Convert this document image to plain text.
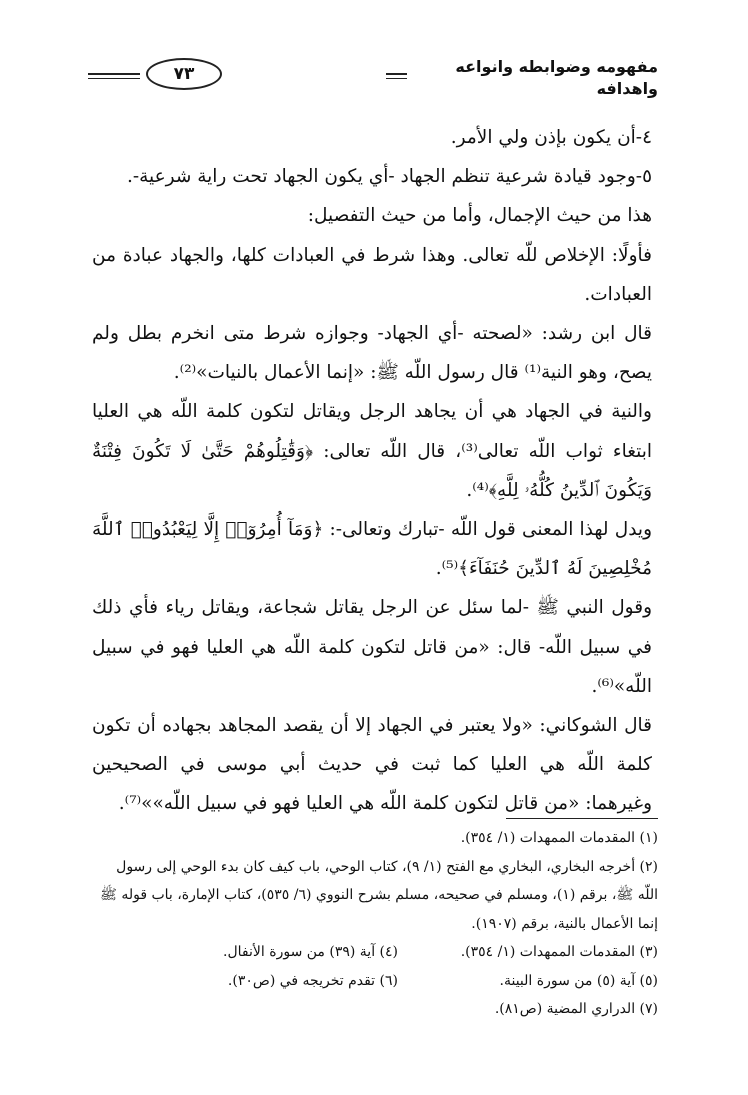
مفهومه وضوابطه وانواعه واهدافه
٧٣

٤-أن يكون بإذن ولي الأمر.

٥-وجود قيادة شرعية تنظم الجهاد -أي يكون الجهاد تحت راية شرعية-.

هذا من حيث الإجمال، وأما من حيث التفصيل:

فأولًا: الإخلاص للّه تعالى. وهذا شرط في العبادات كلها، والجهاد عبادة من العبادات.

قال ابن رشد: «لصحته -أي الجهاد- وجوازه شرط متى انخرم بطل ولم يصح، وهو النية⁽¹⁾ قال رسول اللّه ﷺ: «إنما الأعمال بالنيات»⁽²⁾.

والنية في الجهاد هي أن يجاهد الرجل ويقاتل لتكون كلمة اللّه هي العليا ابتغاء ثواب اللّه تعالى⁽³⁾، قال اللّه تعالى: ﴿وَقَٰتِلُوهُمْ حَتَّىٰ لَا تَكُونَ فِتْنَةٌ وَيَكُونَ ٱلدِّينُ كُلُّهُۥ لِلَّهِ﴾⁽⁴⁾.

ويدل لهذا المعنى قول اللّه -تبارك وتعالى-: ﴿وَمَآ أُمِرُوٓا۟ إِلَّا لِيَعْبُدُوا۟ ٱللَّهَ مُخْلِصِينَ لَهُ ٱلدِّينَ حُنَفَآءَ﴾⁽⁵⁾.

وقول النبي ﷺ -لما سئل عن الرجل يقاتل شجاعة، ويقاتل رياء فأي ذلك في سبيل اللّه- قال: «من قاتل لتكون كلمة اللّه هي العليا فهو في سبيل اللّه»⁽⁶⁾.

قال الشوكاني: «ولا يعتبر في الجهاد إلا أن يقصد المجاهد بجهاده أن تكون كلمة اللّه هي العليا كما ثبت في حديث أبي موسى في الصحيحين وغيرهما: «من قاتل لتكون كلمة اللّه هي العليا فهو في سبيل اللّه»»⁽⁷⁾.

(١) المقدمات الممهدات (١/ ٣٥٤).

(٢) أخرجه البخاري، البخاري مع الفتح (١/ ٩)، كتاب الوحي، باب كيف كان بدء الوحي إلى رسول اللّه ﷺ، برقم (١)، ومسلم في صحيحه، مسلم بشرح النووي (٦/ ٥٣٥)، كتاب الإمارة، باب قوله ﷺ إنما الأعمال بالنية، برقم (١٩٠٧).

(٣) المقدمات الممهدات (١/ ٣٥٤).

(٤) آية (٣٩) من سورة الأنفال.

(٥) آية (٥) من سورة البينة.

(٦) تقدم تخريجه في (ص٣٠).

(٧) الدراري المضية (ص٨١).
